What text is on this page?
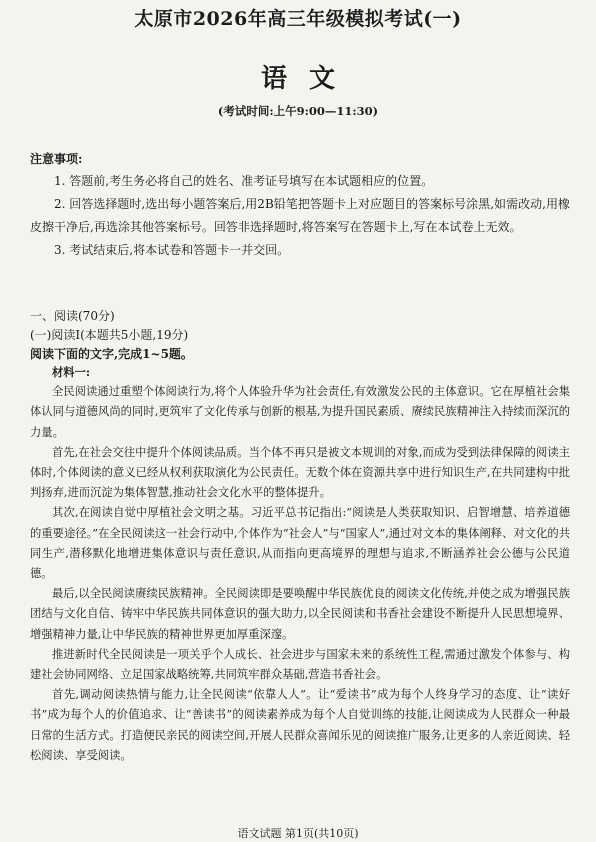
太原市2026年高三年级模拟考试(一)
语文
(考试时间:上午9:00—11:30)
注意事项:

1. 答题前,考生务必将自己的姓名、准考证号填写在本试题相应的位置。

2. 回答选择题时,选出每小题答案后,用2B铅笔把答题卡上对应题目的答案标号涂黑,如需改动,用橡皮擦干净后,再选涂其他答案标号。回答非选择题时,将答案写在答题卡上,写在本试卷上无效。

3. 考试结束后,将本试卷和答题卡一并交回。

一、阅读(70分)
(一)阅读Ⅰ(本题共5小题,19分)
阅读下面的文字,完成1~5题。

材料一:

全民阅读通过重塑个体阅读行为,将个人体验升华为社会责任,有效激发公民的主体意识。它在厚植社会集体认同与道德风尚的同时,更筑牢了文化传承与创新的根基,为提升国民素质、赓续民族精神注入持续而深沉的力量。

首先,在社会交往中提升个体阅读品质。当个体不再只是被文本规训的对象,而成为受到法律保障的阅读主体时,个体阅读的意义已经从权利获取演化为公民责任。无数个体在资源共享中进行知识生产,在共同建构中批判扬弃,进而沉淀为集体智慧,推动社会文化水平的整体提升。

其次,在阅读自觉中厚植社会文明之基。习近平总书记指出:“阅读是人类获取知识、启智增慧、培养道德的重要途径。”在全民阅读这一社会行动中,个体作为“社会人”与“国家人”,通过对文本的集体阐释、对文化的共同生产,潜移默化地增进集体意识与责任意识,从而指向更高境界的理想与追求,不断涵养社会公德与公民道德。

最后,以全民阅读赓续民族精神。全民阅读即是要唤醒中华民族优良的阅读文化传统,并使之成为增强民族团结与文化自信、铸牢中华民族共同体意识的强大助力,以全民阅读和书香社会建设不断提升人民思想境界、增强精神力量,让中华民族的精神世界更加厚重深邃。

推进新时代全民阅读是一项关乎个人成长、社会进步与国家未来的系统性工程,需通过激发个体参与、构建社会协同网络、立足国家战略统筹,共同筑牢群众基础,营造书香社会。

首先,调动阅读热情与能力,让全民阅读“依靠人人”。让“爱读书”成为每个人终身学习的态度、让“读好书”成为每个人的价值追求、让“善读书”的阅读素养成为每个人自觉训练的技能,让阅读成为人民群众一种最日常的生活方式。打造便民亲民的阅读空间,开展人民群众喜闻乐见的阅读推广服务,让更多的人亲近阅读、轻松阅读、享受阅读。

语文试题 第1页(共10页)
